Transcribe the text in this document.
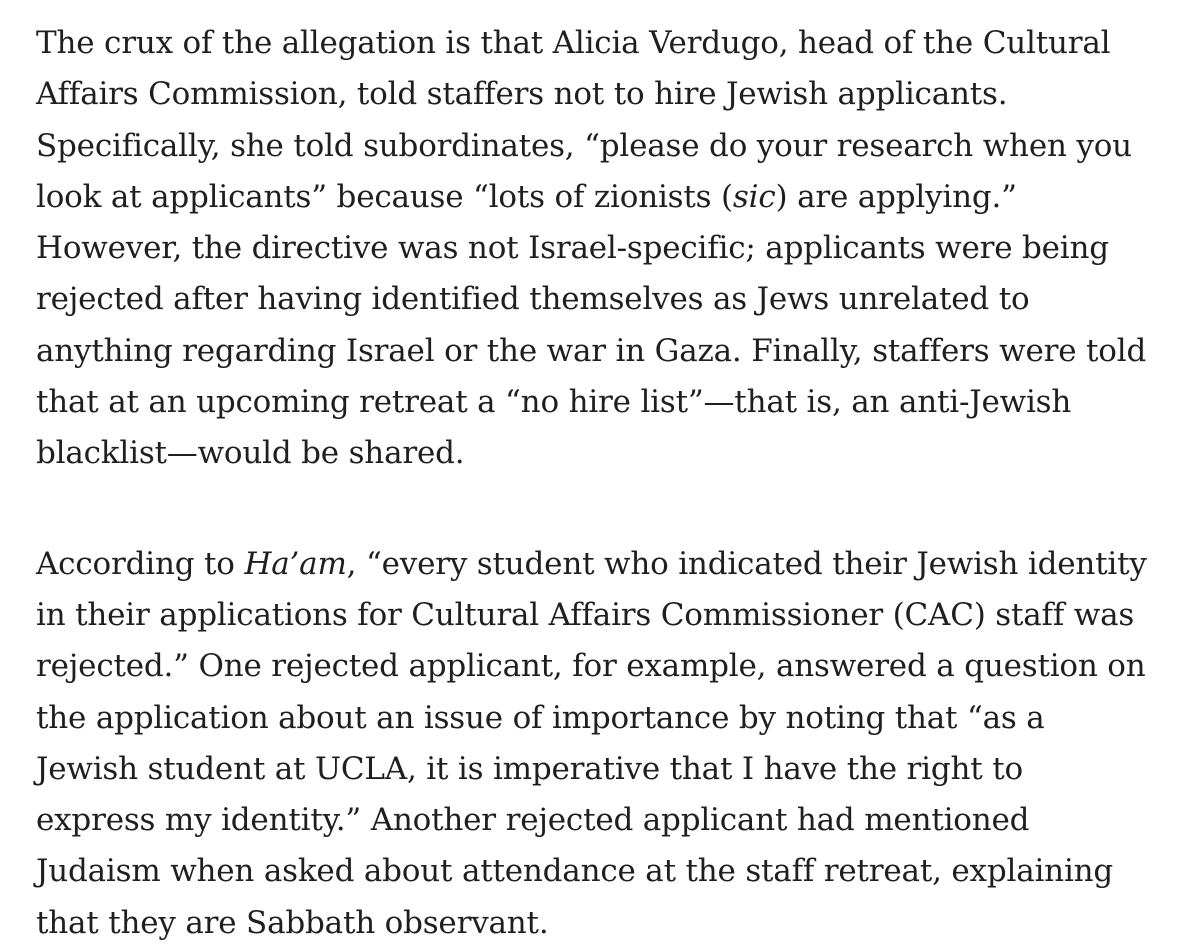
The crux of the allegation is that Alicia Verdugo, head of the Cultural
Affairs Commission, told staffers not to hire Jewish applicants.
Specifically, she told subordinates, “please do your research when you
look at applicants” because “lots of zionists (sic) are applying.”
However, the directive was not Israel-specific; applicants were being
rejected after having identified themselves as Jews unrelated to
anything regarding Israel or the war in Gaza. Finally, staffers were told
that at an upcoming retreat a “no hire list”—that is, an anti-Jewish
blacklist—would be shared.

According to Ha’am, “every student who indicated their Jewish identity
in their applications for Cultural Affairs Commissioner (CAC) staff was
rejected.” One rejected applicant, for example, answered a question on
the application about an issue of importance by noting that “as a
Jewish student at UCLA, it is imperative that I have the right to
express my identity.” Another rejected applicant had mentioned
Judaism when asked about attendance at the staff retreat, explaining
that they are Sabbath observant.
